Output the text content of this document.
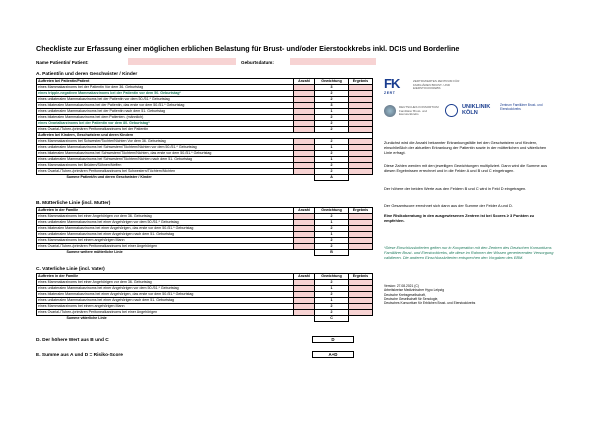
Checkliste zur Erfassung einer möglichen erblichen Belastung für Brust- und/oder Eierstockkrebs inkl. DCIS und Borderline
Name Patientin/ Patient:	Geburtsdatum:
A. Patient/in und deren Geschwister / Kinder
Auftreten bei Patientin/Patient	Anzahl	Gewichtung	Ergebnis
eines Mammakarzinoms bei der Patientin Vor dem 36. Geburtstag		3	
eines tripple-negativen Mammakarzinoms bei der Patientin vor dem 50. Geburtstag*		2	
eines unilateralen Mammakarzinoms bei der Patientin vor dem 50./51.* Geburtstag		2	
eines bilateralen Mammakarzinoms bei der Patientin, das erste vor dem 50./51.* Geburtstag		3	
eines unilateralen Mammakarzinoms bei der Patientin nach dem 51. Geburtstag		1	
eines bilateralen Mammakarzinoms bei dem Patienten. (männlich)		2	
eines Ovarialkarzinoms bei der Patientin vor dem 80. Geburtstag*		2	
eines Ovarial-/Tuben-/primären Peritonealkarzinoms bei der Patientin		2	
Auftreten bei Kindern, Geschwistern und deren Kindern			
eines Mammakarzinoms bei Schwester/Tochter/Nichten Vor dem 36. Geburtstag		2	
eines unilateralen Mammakarzinoms bei Schwestern/Töchtern/Nichten vor dem 50./51.* Geburtstag		1	
eines bilateralen Mammakarzinoms bei Schwestern/Töchtern/Nichten, das erste vor dem 50./51.* Geburtstag		2	
eines unilateralen Mammakarzinoms bei Schwestern/Töchtern/Nichten nach dem 51. Geburtstag		1	
eines Mammakarzinoms bei Brüdern/Söhnen/Neffen		2	
eines Ovarial-/Tuben-/primären Peritonealkarzinoms bei Schwestern/Töchtern/Nichten		2	
Summe Patient/in und deren Geschwister / Kinder		A	
B. Mütterliche Linie (incl. Mutter)
Auftreten in der Familie	Anzahl	Gewichtung	Ergebnis
eines Mammakarzinoms bei einer Angehörigen vor dem 36. Geburtstag		2	
eines unilateralen Mammakarzinoms bei einer Angehörigen vor dem 50./51.* Geburtstag		1	
eines bilateralen Mammakarzinoms bei einer Angehörigen, das erste vor dem 50./51.* Geburtstag		2	
eines unilateralen Mammakarzinoms bei einer Angehörigen nach dem 51. Geburtstag		1	
eines Mammakarzinoms bei einem angehörigen Mann		2	
eines Ovarial-/Tuben-/primären Peritonealkarzinoms bei einer Angehörigen		2	
Summe weitere mütterliche Linie		B	
C. Väterliche Linie (incl. Vater)
Auftreten in der Familie	Anzahl	Gewichtung	Ergebnis
eines Mammakarzinoms bei einer Angehörigen vor dem 36. Geburtstag		2	
eines unilateralen Mammakarzinoms bei einer Angehörigen vor dem 50./51.* Geburtstag		1	
eines bilateralen Mammakarzinoms bei einer Angehörigen, das erste vor dem 50./51.* Geburtstag		2	
eines unilateralen Mammakarzinoms bei einer Angehörigen nach dem 51. Geburtstag		1	
eines Mammakarzinoms bei einem angehörigen Mann		2	
eines Ovarial-/Tuben-/primären Peritonealkarzinoms bei einer Angehörigen		2	
Summe väterliche Linie		C	
D. Der höhere Wert aus B und C	D
E. Summe aus A und D = Risiko-Score	A+D
FK
ZERT
ZERTIFIZIERTES ZENTRUM FÜR FAMILIÄREN BRUST- UND EIERSTOCKKREBS
DEUTSCHES KONSORTIUM Familiärer Brust- und Eierstockkrebs
UNIKLINIK KÖLN
Zentrum Familiärer Brust- und Eierstockkrebs
Zunächst wird die Anzahl bekannter Erkrankungsfälle bei den Geschwistern und Kindern, einschließlich der aktuellen Erkrankung der Patientin sowie in der mütterlichen und väterlichen Linie erfragt.
Diese Zahlen werden mit den jeweiligen Gewichtungen multipliziert. Dann wird die Summe aus diesen Ergebnissen errechnet und in die Felder A und B und C eingetragen.
Der höhere der beiden Werte aus den Feldern B und C wird in Feld D eingetragen.
Der Gesamtscore errechnet sich dann aus der Summe der Felder A und D.
Eine Risikoberatung in den ausgewiesenen Zentren ist bei Scores ≥ 3 Punkten zu empfehlen.
*Diese Einschlusskriterien gelten nur in Kooperation mit den Zentren des Deutschen Konsortiums Familiärer Brust- und Eierstockkrebs, die diese im Rahmen der Wissen generierenden Versorgung validieren. Die anderen Einschlusskriterien entsprechen den Vorgaben des EBM.
Version: 27.08.2021 (C)
Arbeitskreise Medizinischer Hypo Leipzig
Deutsche Krebsgesellschaft,
Deutsche Gesellschaft für Senologie,
Deutsches Konsortium für Erblichen Brust- und Eierstockkrebs
